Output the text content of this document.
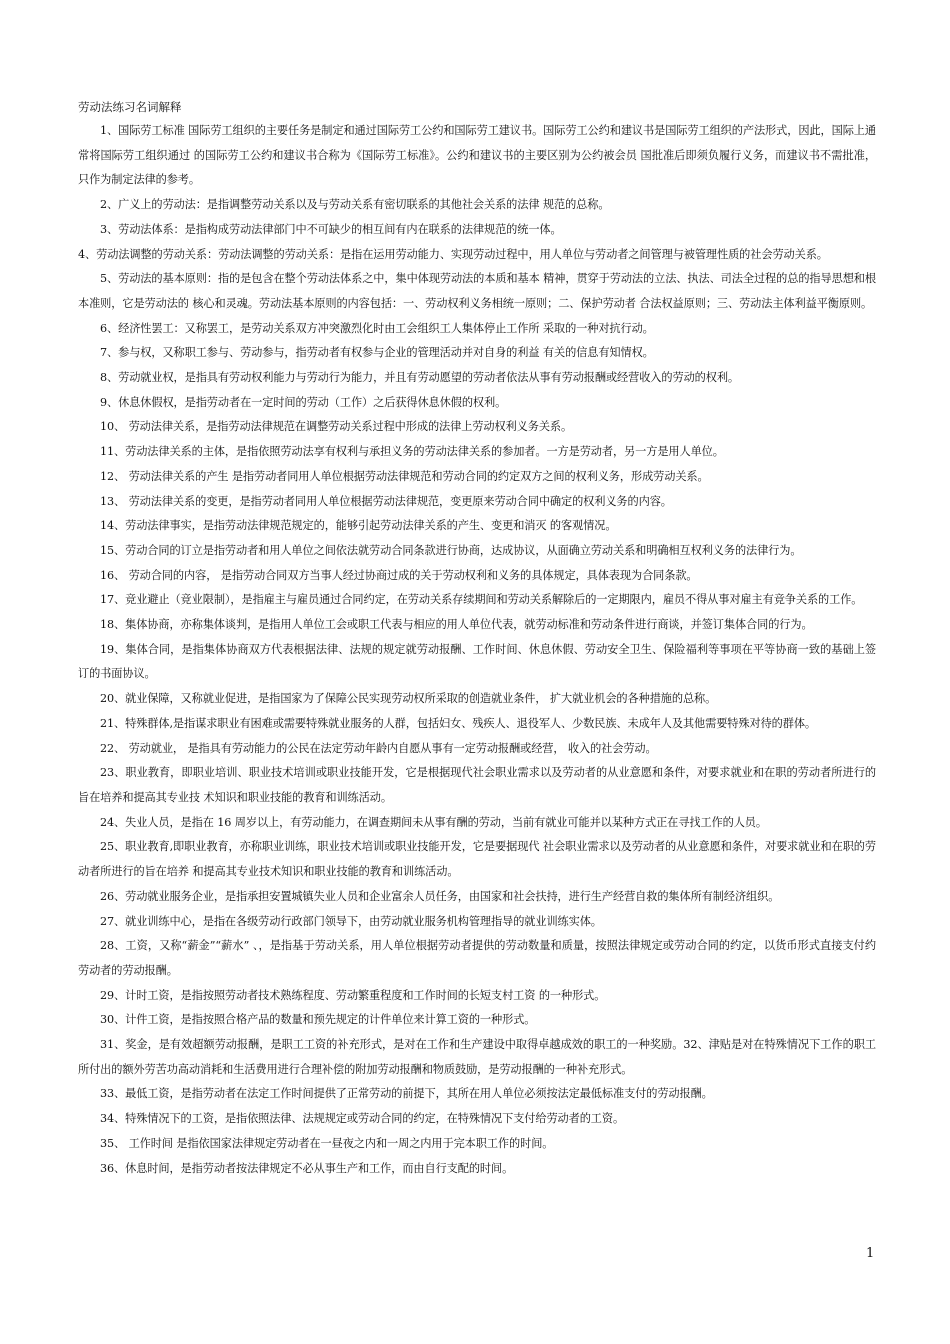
劳动法练习名词解释

1、国际劳工标准 国际劳工组织的主要任务是制定和通过国际劳工公约和国际劳工建议书。国际劳工公约和建议书是国际劳工组织的产法形式，因此，国际上通常将国际劳工组织通过 的国际劳工公约和建议书合称为《国际劳工标准》。公约和建议书的主要区别为公约被会员 国批准后即须负履行义务，而建议书不需批准，只作为制定法律的参考。

2、广义上的劳动法：是指调整劳动关系以及与劳动关系有密切联系的其他社会关系的法律 规范的总称。

3、劳动法体系：是指构成劳动法律部门中不可缺少的相互间有内在联系的法律规范的统一体。

4、劳动法调整的劳动关系：劳动法调整的劳动关系：是指在运用劳动能力、实现劳动过程中，用人单位与劳动者之间管理与被管理性质的社会劳动关系。

5、劳动法的基本原则：指的是包含在整个劳动法体系之中，集中体现劳动法的本质和基本 精神，贯穿于劳动法的立法、执法、司法全过程的总的指导思想和根本准则，它是劳动法的 核心和灵魂。劳动法基本原则的内容包括：一、劳动权利义务相统一原则；二、保护劳动者 合法权益原则；三、劳动法主体利益平衡原则。

6、经济性罢工：又称罢工，是劳动关系双方冲突激烈化时由工会组织工人集体停止工作所 采取的一种对抗行动。

7、参与权，又称职工参与、劳动参与，指劳动者有权参与企业的管理活动并对自身的利益 有关的信息有知情权。

8、劳动就业权，是指具有劳动权利能力与劳动行为能力，并且有劳动愿望的劳动者依法从事有劳动报酬或经营收入的劳动的权利。

9、休息休假权，是指劳动者在一定时间的劳动（工作）之后获得休息休假的权利。

10、 劳动法律关系，是指劳动法律规范在调整劳动关系过程中形成的法律上劳动权利义务关系。

11、劳动法律关系的主体，是指依照劳动法享有权利与承担义务的劳动法律关系的参加者。一方是劳动者，另一方是用人单位。

12、 劳动法律关系的产生 是指劳动者同用人单位根据劳动法律规范和劳动合同的约定双方之间的权利义务，形成劳动关系。

13、 劳动法律关系的变更，是指劳动者同用人单位根据劳动法律规范，变更原来劳动合同中确定的权利义务的内容。

14、劳动法律事实，是指劳动法律规范规定的，能够引起劳动法律关系的产生、变更和消灭 的客观情况。

15、劳动合同的订立是指劳动者和用人单位之间依法就劳动合同条款进行协商，达成协议，从面确立劳动关系和明确相互权利义务的法律行为。

16、 劳动合同的内容， 是指劳动合同双方当事人经过协商过成的关于劳动权利和义务的具体规定，具体表现为合同条款。

17、竞业避止（竞业限制），是指雇主与雇员通过合同约定，在劳动关系存续期间和劳动关系解除后的一定期限内，雇员不得从事对雇主有竞争关系的工作。

18、集体协商，亦称集体谈判，是指用人单位工会或职工代表与相应的用人单位代表，就劳动标准和劳动条件进行商谈，并签订集体合同的行为。

19、集体合同，是指集体协商双方代表根据法律、法规的规定就劳动报酬、工作时间、休息休假、劳动安全卫生、保险福利等事项在平等协商一致的基础上签订的书面协议。

20、就业保障，又称就业促进，是指国家为了保障公民实现劳动权所采取的创造就业条件， 扩大就业机会的各种措施的总称。

21、特殊群体,是指谋求职业有困难或需要特殊就业服务的人群，包括妇女、残疾人、退役军人、少数民族、未成年人及其他需要特殊对待的群体。

22、 劳动就业， 是指具有劳动能力的公民在法定劳动年龄内自愿从事有一定劳动报酬或经营， 收入的社会劳动。

23、职业教育，即职业培训、职业技术培训或职业技能开发，它是根据现代社会职业需求以及劳动者的从业意愿和条件，对要求就业和在职的劳动者所进行的旨在培养和提高其专业技 术知识和职业技能的教育和训练活动。

24、失业人员，是指在 16 周岁以上，有劳动能力，在调查期间未从事有酬的劳动，当前有就业可能并以某种方式正在寻找工作的人员。

25、职业教育,即职业教育，亦称职业训练，职业技术培训或职业技能开发，它是要据现代 社会职业需求以及劳动者的从业意愿和条件，对要求就业和在职的劳动者所进行的旨在培养 和提高其专业技术知识和职业技能的教育和训练活动。

26、劳动就业服务企业，是指承担安置城镇失业人员和企业富余人员任务，由国家和社会扶持，进行生产经营自救的集体所有制经济组织。

27、就业训练中心，是指在各级劳动行政部门领导下，由劳动就业服务机构管理指导的就业训练实体。

28、工资，又称“薪金”“薪水” 、，是指基于劳动关系，用人单位根据劳动者提供的劳动数量和质量，按照法律规定或劳动合同的约定，以货币形式直接支付约劳动者的劳动报酬。

29、计时工资，是指按照劳动者技术熟练程度、劳动繁重程度和工作时间的长短支村工资 的一种形式。

30、计件工资，是指按照合格产品的数量和预先规定的计件单位来计算工资的一种形式。

31、奖金，是有效超额劳动报酬，是职工工资的补充形式，是对在工作和生产建设中取得卓越成效的职工的一种奖励。32、津贴是对在特殊情况下工作的职工所付出的额外劳苦功高动消耗和生活费用进行合理补偿的附加劳动报酬和物质鼓励，是劳动报酬的一种补充形式。

33、最低工资，是指劳动者在法定工作时间提供了正常劳动的前提下，其所在用人单位必须按法定最低标准支付的劳动报酬。

34、特殊情况下的工资，是指依照法律、法规规定或劳动合同的约定，在特殊情况下支付给劳动者的工资。

35、 工作时间 是指依国家法律规定劳动者在一昼夜之内和一周之内用于完本职工作的时间。

36、休息时间，是指劳动者按法律规定不必从事生产和工作，而由自行支配的时间。

1
